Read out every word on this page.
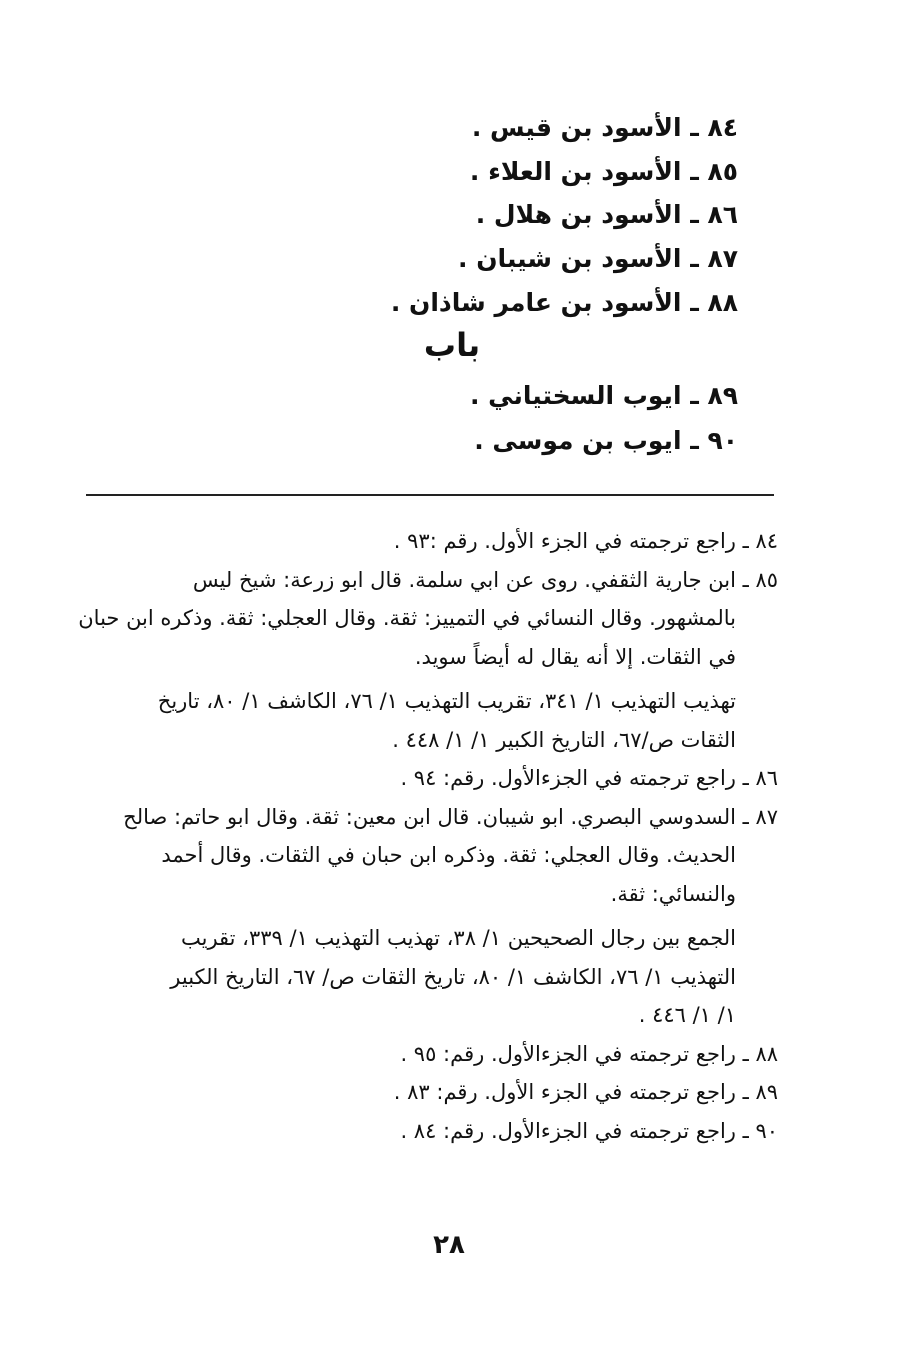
٨٤ ـ الأسود بن قيس .
٨٥ ـ الأسود بن العلاء .
٨٦ ـ الأسود بن هلال .
٨٧ ـ الأسود بن شيبان .
٨٨ ـ الأسود بن عامر شاذان .
باب
٨٩ ـ ايوب السختياني .
٩٠ ـ ايوب بن موسى .
٨٤ ـ راجع ترجمته في الجزء الأول. رقم :٩٣ .
٨٥ ـ ابن جارية الثقفي. روى عن ابي سلمة. قال ابو زرعة: شيخ ليس
بالمشهور. وقال النسائي في التمييز: ثقة. وقال العجلي: ثقة. وذكره ابن حبان
في الثقات. إلا أنه يقال له أيضاً سويد.
تهذيب التهذيب ١/ ٣٤١، تقريب التهذيب ١/ ٧٦، الكاشف ١/ ٨٠، تاريخ
الثقات ص/٦٧، التاريخ الكبير ١/ ١/ ٤٤٨ .
٨٦ ـ راجع ترجمته في الجزءالأول. رقم: ٩٤ .
٨٧ ـ السدوسي البصري. ابو شيبان. قال ابن معين: ثقة. وقال ابو حاتم: صالح
الحديث. وقال العجلي: ثقة. وذكره ابن حبان في الثقات. وقال أحمد
والنسائي: ثقة.
الجمع بين رجال الصحيحين ١/ ٣٨، تهذيب التهذيب ١/ ٣٣٩، تقريب
التهذيب ١/ ٧٦، الكاشف ١/ ٨٠، تاريخ الثقات ص/ ٦٧، التاريخ الكبير
١/ ١/ ٤٤٦ .
٨٨ ـ راجع ترجمته في الجزءالأول. رقم: ٩٥ .
٨٩ ـ راجع ترجمته في الجزء الأول. رقم: ٨٣ .
٩٠ ـ راجع ترجمته في الجزءالأول. رقم: ٨٤ .
٢٨
